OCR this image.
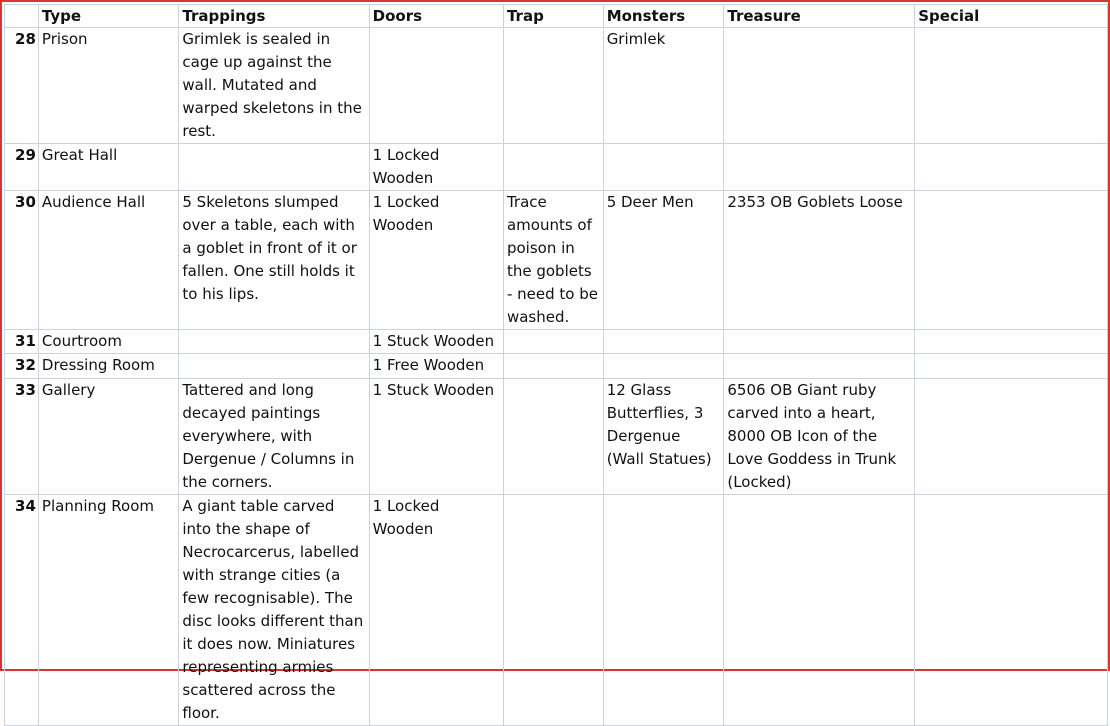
	Type	Trappings	Doors	Trap	Monsters	Treasure	Special
28	Prison	Grimlek is sealed in cage up against the wall. Mutated and warped skeletons in the rest.			Grimlek		
29	Great Hall		1 Locked Wooden				
30	Audience Hall	5 Skeletons slumped over a table, each with a goblet in front of it or fallen. One still holds it to his lips.	1 Locked Wooden	Trace amounts of poison in the goblets - need to be washed.	5 Deer Men	2353 OB Goblets Loose	
31	Courtroom		1 Stuck Wooden				
32	Dressing Room		1 Free Wooden				
33	Gallery	Tattered and long decayed paintings everywhere, with Dergenue / Columns in the corners.	1 Stuck Wooden		12 Glass Butterflies, 3 Dergenue (Wall Statues)	6506 OB Giant ruby carved into a heart, 8000 OB Icon of the Love Goddess in Trunk (Locked)	
34	Planning Room	A giant table carved into the shape of Necrocarcerus, labelled with strange cities (a few recognisable). The disc looks different than it does now. Miniatures representing armies scattered across the floor.	1 Locked Wooden				
